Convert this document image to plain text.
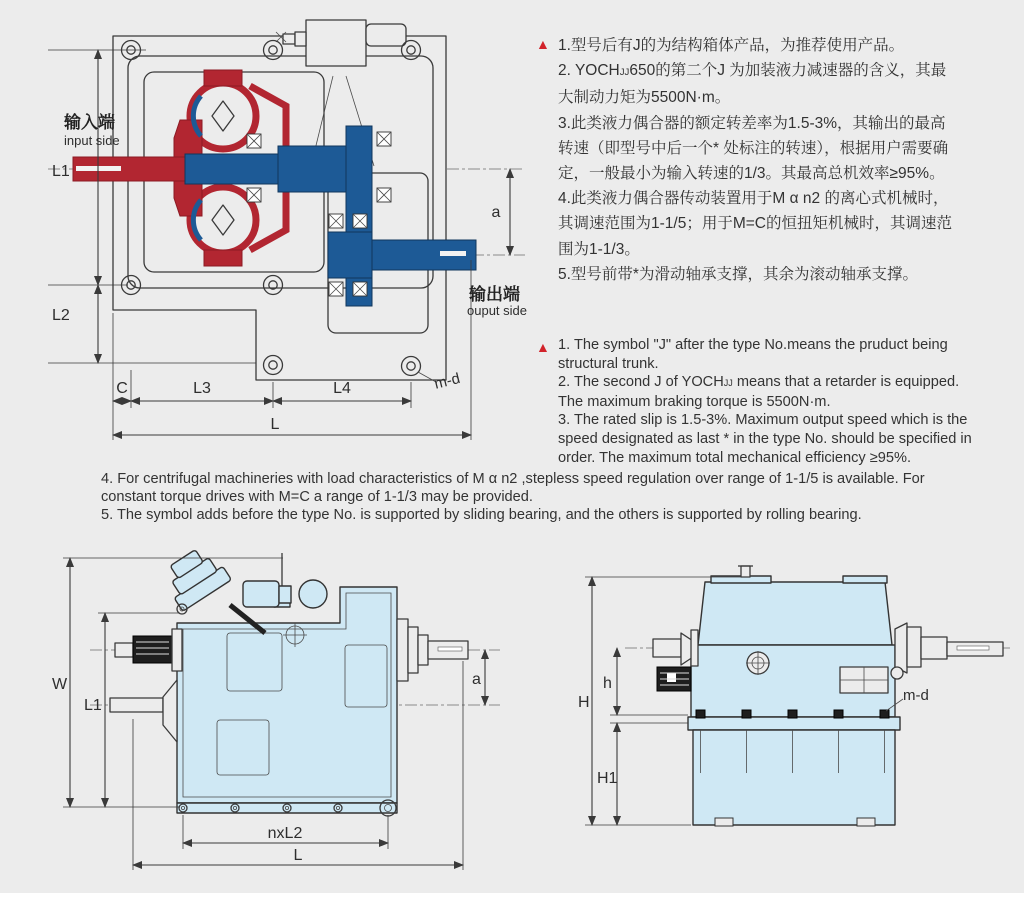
L1
L2
C	L3	L4
L
a
m-d
输入端
input side
输出端
ouput side
▲ 1.型号后有J的为结构箱体产品，为推荐使用产品。
2. YOCHJJ650的第二个J 为加装液力减速器的含义，其最
大制动力矩为5500N·m。
3.此类液力偶合器的额定转差率为1.5-3%，其输出的最高
转速（即型号中后一个* 处标注的转速），根据用户需要确
定，一般最小为输入转速的1/3。其最高总机效率≥95%。
4.此类液力偶合器传动装置用于M α n2 的离心式机械时，
其调速范围为1-1/5；用于M=C的恒扭矩机械时，其调速范
围为1-1/3。
5.型号前带*为滑动轴承支撑，其余为滚动轴承支撑。
▲ 1. The symbol "J" after the type No.means the pruduct being
structural trunk.
2. The second J of YOCHJJ means that a retarder is equipped.
The maximum braking torque is 5500N·m.
3. The rated slip is 1.5-3%. Maximum output speed which is the
speed designated as last * in the type No. should be specified in
order. The maximum total mechanical efficiency ≥95%.
4. For centrifugal machineries with load characteristics of M α n2 ,stepless speed regulation over range of 1-1/5 is available. For
constant torque drives with M=C a range of 1-1/3 may be provided.
5. The symbol adds before the type No. is supported by sliding bearing, and the others is supported by rolling bearing.
W
L1
a
nxL2
L
H
h
H1
m-d
